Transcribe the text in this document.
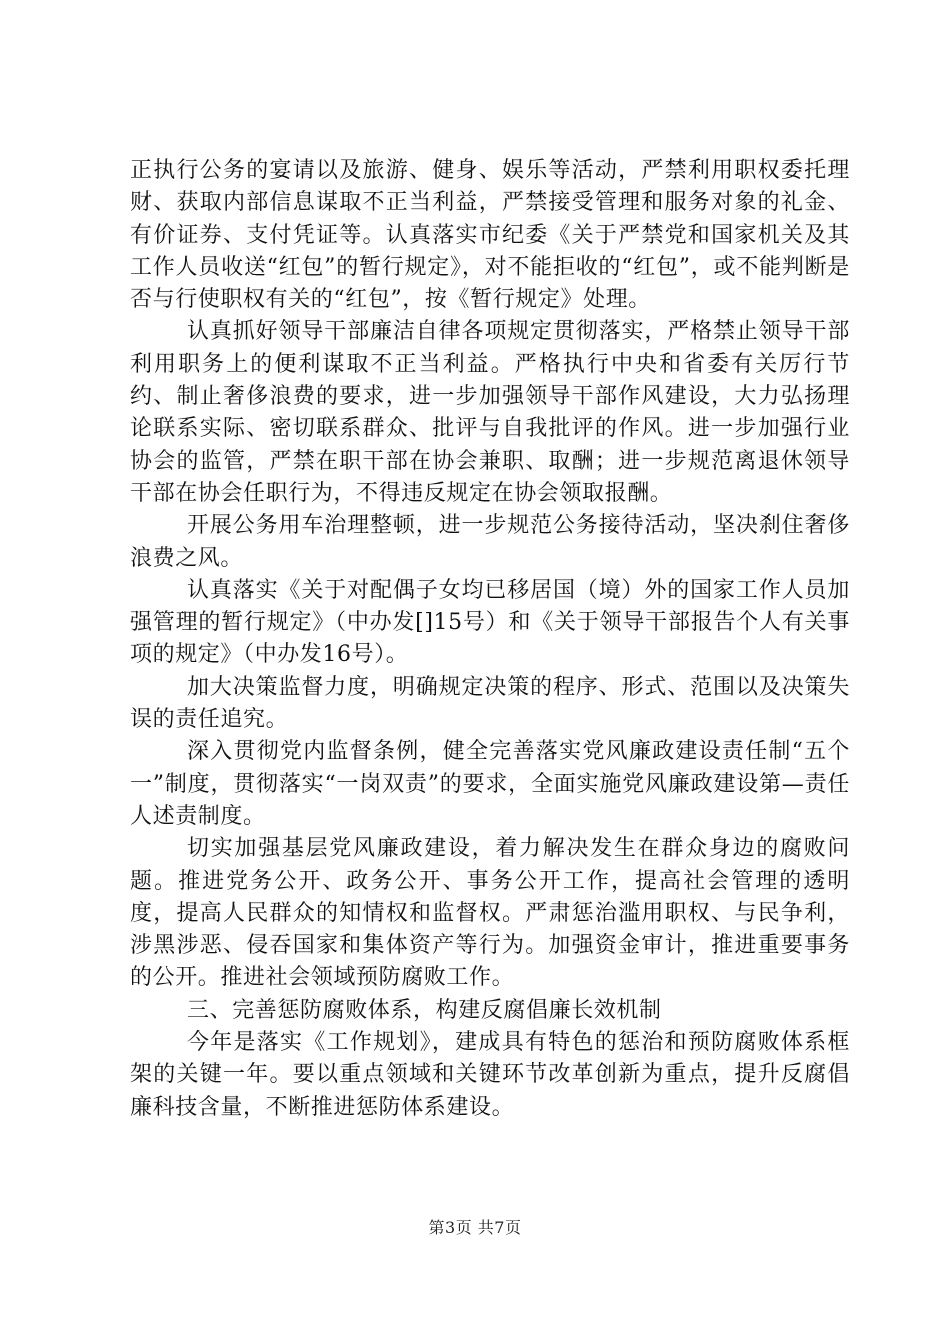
正执行公务的宴请以及旅游、健身、娱乐等活动，严禁利用职权委托理财、获取内部信息谋取不正当利益，严禁接受管理和服务对象的礼金、有价证券、支付凭证等。认真落实市纪委《关于严禁党和国家机关及其工作人员收送“红包”的暂行规定》，对不能拒收的“红包”，或不能判断是否与行使职权有关的“红包”，按《暂行规定》处理。

认真抓好领导干部廉洁自律各项规定贯彻落实，严格禁止领导干部利用职务上的便利谋取不正当利益。严格执行中央和省委有关厉行节约、制止奢侈浪费的要求，进一步加强领导干部作风建设，大力弘扬理论联系实际、密切联系群众、批评与自我批评的作风。进一步加强行业协会的监管，严禁在职干部在协会兼职、取酬；进一步规范离退休领导干部在协会任职行为，不得违反规定在协会领取报酬。

开展公务用车治理整顿，进一步规范公务接待活动，坚决刹住奢侈浪费之风。

认真落实《关于对配偶子女均已移居国（境）外的国家工作人员加强管理的暂行规定》（中办发[]15号）和《关于领导干部报告个人有关事项的规定》（中办发16号）。

加大决策监督力度，明确规定决策的程序、形式、范围以及决策失误的责任追究。

深入贯彻党内监督条例，健全完善落实党风廉政建设责任制“五个一”制度，贯彻落实“一岗双责”的要求，全面实施党风廉政建设第—责任人述责制度。

切实加强基层党风廉政建设，着力解决发生在群众身边的腐败问题。推进党务公开、政务公开、事务公开工作，提高社会管理的透明度，提高人民群众的知情权和监督权。严肃惩治滥用职权、与民争利，涉黑涉恶、侵吞国家和集体资产等行为。加强资金审计，推进重要事务的公开。推进社会领域预防腐败工作。

三、完善惩防腐败体系，构建反腐倡廉长效机制

今年是落实《工作规划》，建成具有特色的惩治和预防腐败体系框架的关键一年。要以重点领域和关键环节改革创新为重点，提升反腐倡廉科技含量，不断推进惩防体系建设。

第3页 共7页
